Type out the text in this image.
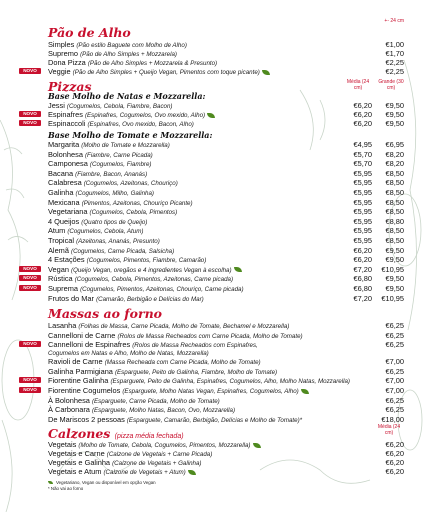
Pão de Alho
+- 24 cm
Simples (Pão estilo Baguete com Molho de Alho)	€1,00
Supremo (Pão de Alho Simples + Mozzarela)	€1,70
Dona Pizza (Pão de Alho Simples + Mozzarela & Presunto)	€2,25
NOVO	Veggie (Pão de Alho Simples + Queijo Vegan, Pimentos com toque picante)	€2,25
Pizzas	Média (24 cm)
Grande (30 cm)
Base Molho de Natas e Mozzarella:
Jessi (Cogumelos, Cebola, Fiambre, Bacon)	€6,20 €9,50
NOVO	Espinafres (Espinafres, Cogumelos, Ovo mexido, Alho)	€6,20 €9,50
NOVO	Espinaccoli (Espinafres, Ovo mexido, Bacon, Alho)	€6,20 €9,50
Base Molho de Tomate e Mozzarella:
Massas ao forno
Calzones (pizza média fechada)
Média (24 cm)
Vegetais (Molho de Tomate, Cebola, Cogumelos, Pimentos, Mozzarella)	€6,20
Vegetais e Carne (Calzone de Vegetais + Carne Picada)	€6,20
Vegetais e Galinha (Calzone de Vegetais + Galinha)	€6,20
Vegetais e Atum (Calzone de Vegetais + Atum)	€6,20
Vegetariano, Vegan ou disponível em opção Vegan
* Não vai ao forno
Margarita (Molho de Tomate e Mozzarella)	€4,95 €6,95
Bolonhesa (Fiambre, Carne Picada)	€5,70 €8,20
Camponesa (Cogumelos, Fiambre)	€5,70 €8,20
Bacana (Fiambre, Bacon, Ananás)	€5,95 €8,50
Calabresa (Cogumelos, Azeitonas, Chouriço)	€5,95 €8,50
Galinha (Cogumelos, Milho, Galinha)	€5,95 €8,50
Mexicana (Pimentos, Azeitonas, Chouriço Picante)	€5,95 €8,50
Vegetariana (Cogumelos, Cebola, Pimentos)	€5,95 €8,50
4 Queijos (Quatro tipos de Queijo)	€5,95 €8,80
Atum (Cogumelos, Cebola, Atum)	€5,95 €8,50
Tropical (Azeitonas, Ananás, Presunto)	€5,95 €8,50
Alemã (Cogumelos, Carne Picada, Salsicha)	€6,20 €9,50
4 Estações (Cogumelos, Pimentos, Fiambre, Camarão)	€6,20 €9,50
NOVO	Vegan (Queijo Vegan, oregãos e 4 ingredientes Vegan à escolha)	€7,20 €10,95
NOVO	Rústica (Cogumelos, Cebola, Pimentos, Azeitonas, Carne picada)	€6,80 €9,50
NOVO	Suprema (Cogumelos, Pimentos, Azeitonas, Chouriço, Carne picada)	€6,80 €9,50
Frutos do Mar (Camarão, Berbigão e Delícias do Mar)	€7,20 €10,95
Lasanha (Folhas de Massa, Carne Picada, Molho de Tomate, Bechamel e Mozzarella)	€6,25
Cannelloni de Carne (Rolos de Massa Recheados com Carne Picada, Molho de Tomate)	€6,25
NOVO	Cannelloni de Espinafres (Rolos de Massa Recheados com Espinafres,	€6,25
Cogumelos em Natas e Alho, Molho de Natas, Mozzarella)
Ravioli de Carne (Massa Recheada com Carne Picada, Molho de Tomate)	€7,00
Galinha Parmigiana (Esparguete, Peito de Galinha, Fiambre, Molho de Tomate)	€6,25
NOVO	Fiorentine Galinha (Esparguete, Peito de Galinha, Espinafres, Cogumelos, Alho, Molho Natas, Mozzarella)	€7,00
NOVO	Fiorentine Cogumelos (Esparguete, Molho Natas Vegan, Espinafres, Cogumelos, Alho)	€7,00
À Bolonhesa (Esparguete, Carne Picada, Molho de Tomate)	€6,25
À Carbonara (Esparguete, Molho Natas, Bacon, Ovo, Mozzarella)	€6,25
De Mariscos 2 pessoas (Esparguete, Camarão, Berbigão, Delícias e Molho de Tomate)*	€18,00
